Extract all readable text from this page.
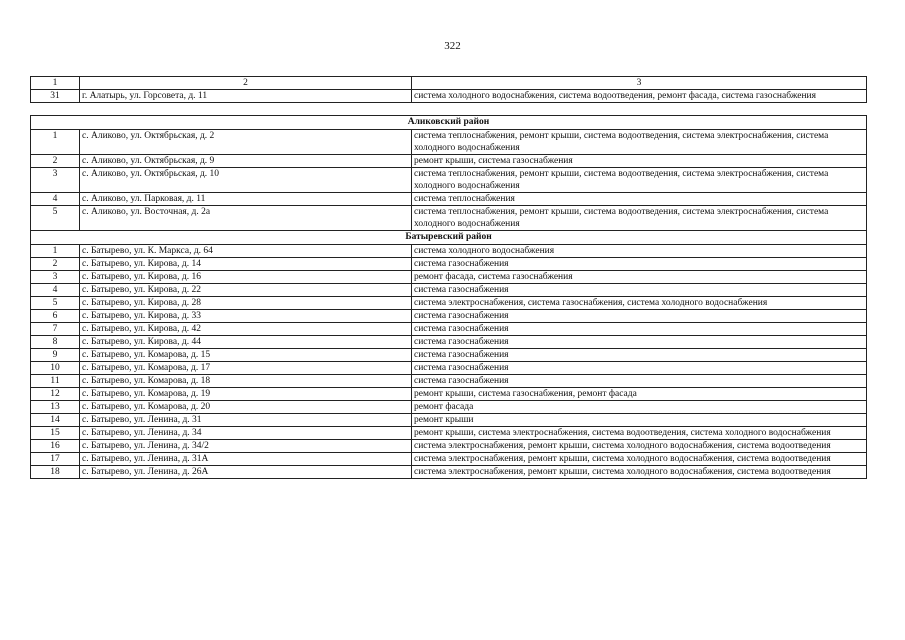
322
1	2	3
31	г. Алатырь, ул. Горсовета, д. 11	система холодного водоснабжения, система водоотведения, ремонт фасада, система газоснабжения

Аликовский район		
1	с. Аликово, ул. Октябрьская, д. 2	система теплоснабжения, ремонт крыши, система водоотведения, система электроснабжения, система холодного водоснабжения
2	с. Аликово, ул. Октябрьская, д. 9	ремонт крыши, система газоснабжения
3	с. Аликово, ул. Октябрьская, д. 10	система теплоснабжения, ремонт крыши, система водоотведения, система электроснабжения, система холодного водоснабжения
4	с. Аликово, ул. Парковая, д. 11	система теплоснабжения
5	с. Аликово, ул. Восточная, д. 2а	система теплоснабжения, ремонт крыши, система водоотведения, система электроснабжения, система холодного водоснабжения
Батыревский район		
1	с. Батырево, ул. К. Маркса, д. 64	система холодного водоснабжения
2	с. Батырево, ул. Кирова, д. 14	система газоснабжения
3	с. Батырево, ул. Кирова, д. 16	ремонт фасада, система газоснабжения
4	с. Батырево, ул. Кирова, д. 22	система газоснабжения
5	с. Батырево, ул. Кирова, д. 28	система электроснабжения, система газоснабжения, система холодного водоснабжения
6	с. Батырево, ул. Кирова, д. 33	система газоснабжения
7	с. Батырево, ул. Кирова, д. 42	система газоснабжения
8	с. Батырево, ул. Кирова, д. 44	система газоснабжения
9	с. Батырево, ул. Комарова, д. 15	система газоснабжения
10	с. Батырево, ул. Комарова, д. 17	система газоснабжения
11	с. Батырево, ул. Комарова, д. 18	система газоснабжения
12	с. Батырево, ул. Комарова, д. 19	ремонт крыши, система газоснабжения, ремонт фасада
13	с. Батырево, ул. Комарова, д. 20	ремонт фасада
14	с. Батырево, ул. Ленина, д. 31	ремонт крыши
15	с. Батырево, ул. Ленина, д. 34	ремонт крыши, система электроснабжения, система водоотведения, система холодного водоснабжения
16	с. Батырево, ул. Ленина, д. 34/2	система электроснабжения, ремонт крыши, система холодного водоснабжения, система водоотведения
17	с. Батырево, ул. Ленина, д. 31А	система электроснабжения, ремонт крыши, система холодного водоснабжения, система водоотведения
18	с. Батырево, ул. Ленина, д. 26А	система электроснабжения, ремонт крыши, система холодного водоснабжения, система водоотведения
